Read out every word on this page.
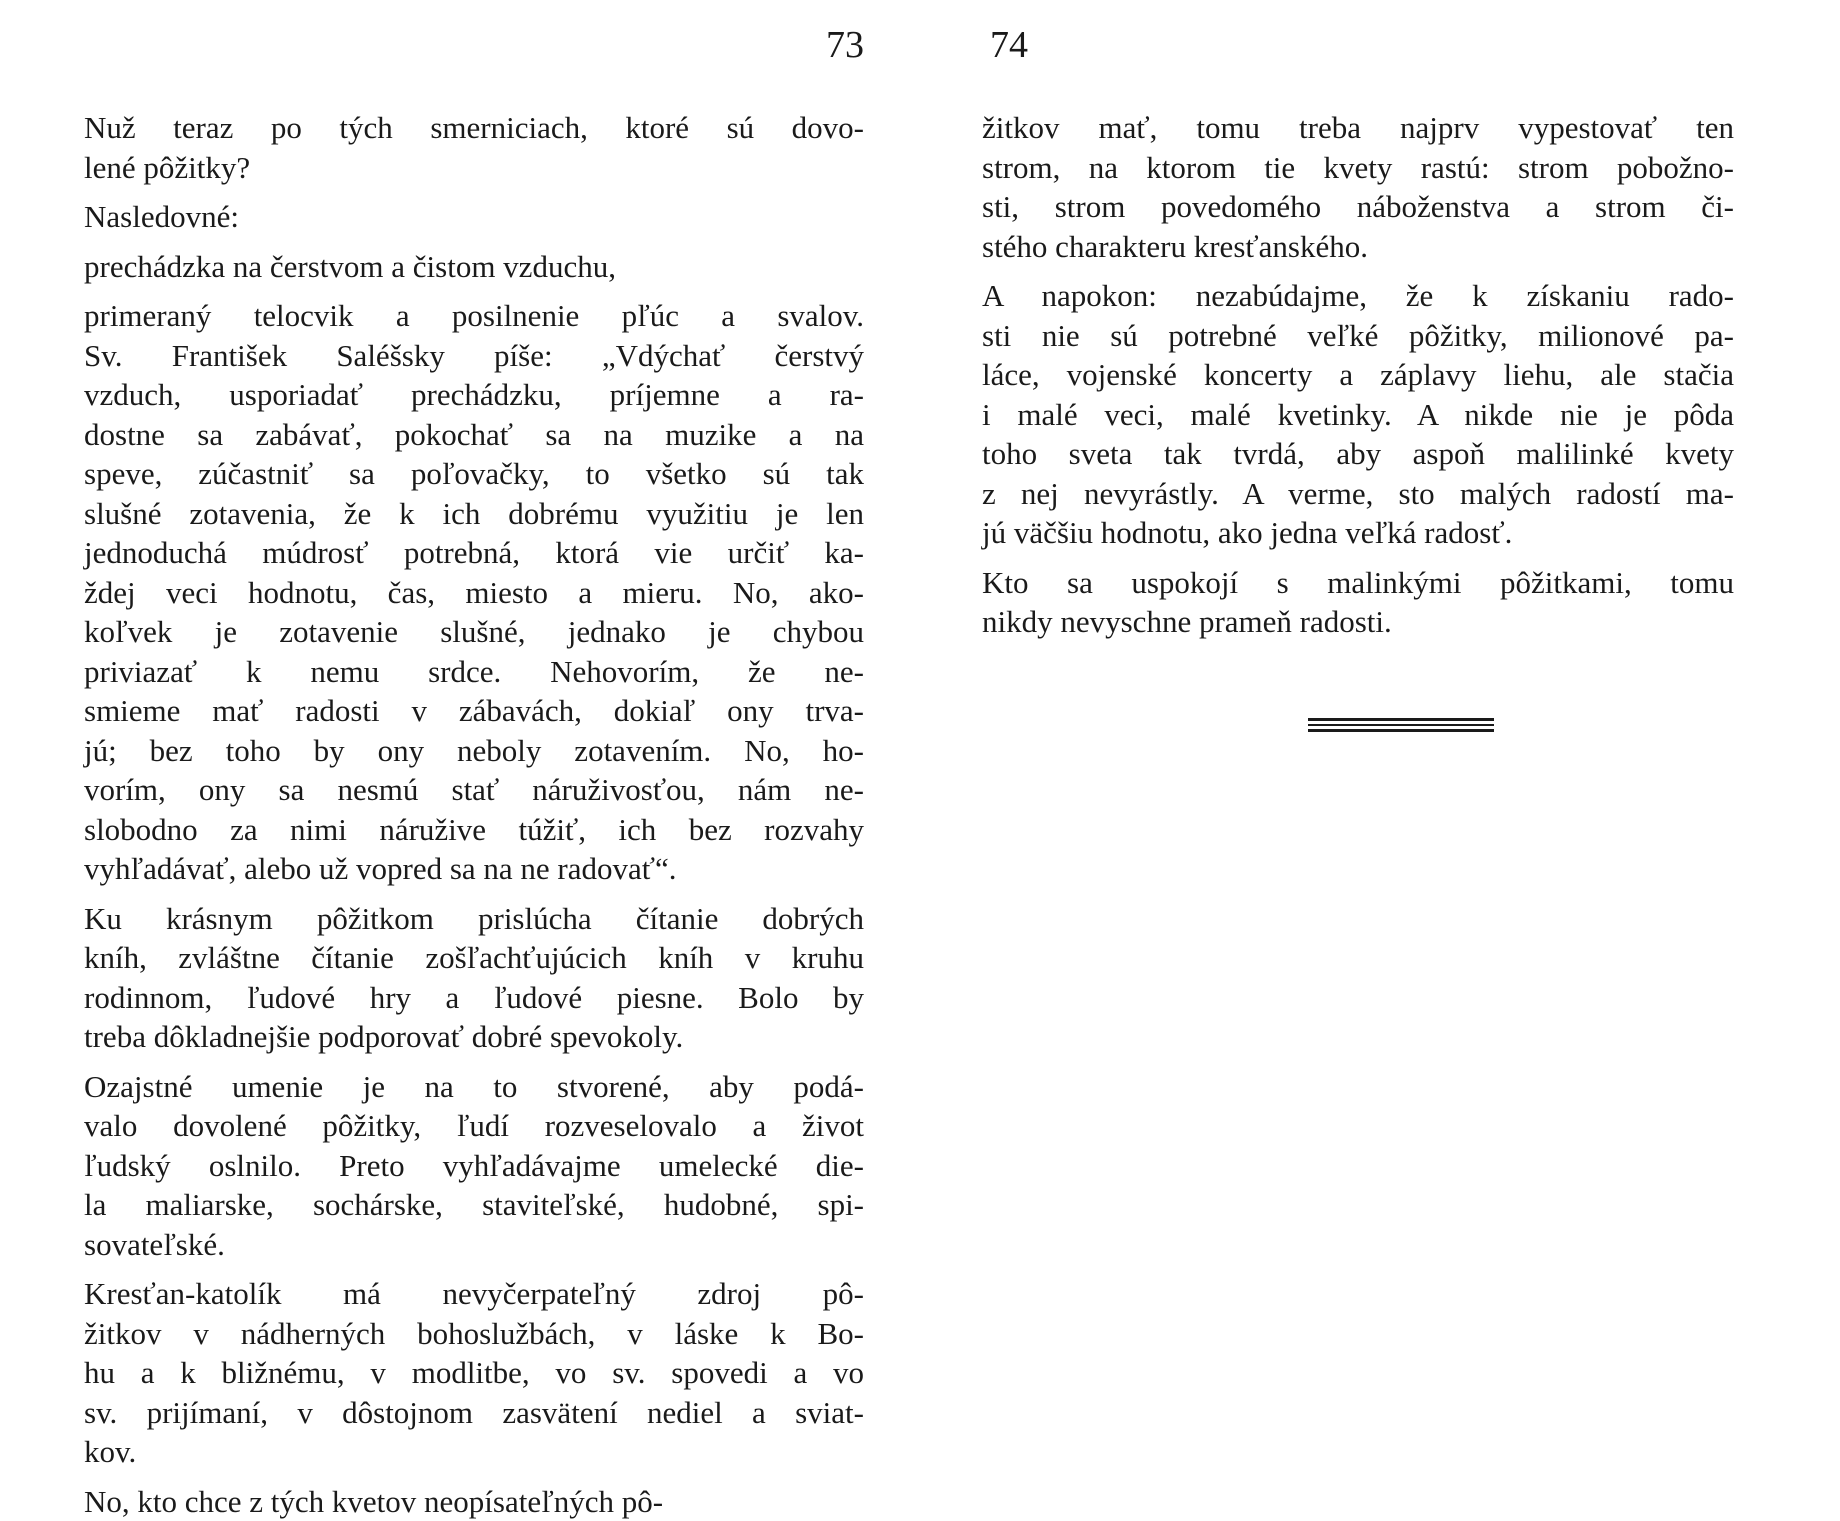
73
Nuž teraz po tých smerniciach, ktoré sú dovo-
lené pôžitky?
Nasledovné:
prechádzka na čerstvom a čistom vzduchu,
primeraný telocvik a posilnenie pľúc a svalov.
Sv. František Saléšsky píše: „Vdýchať čerstvý
vzduch, usporiadať prechádzku, príjemne a ra-
dostne sa zabávať, pokochať sa na muzike a na
speve, zúčastniť sa poľovačky, to všetko sú tak
slušné zotavenia, že k ich dobrému využitiu je len
jednoduchá múdrosť potrebná, ktorá vie určiť ka-
ždej veci hodnotu, čas, miesto a mieru. No, ako-
koľvek je zotavenie slušné, jednako je chybou
priviazať k nemu srdce. Nehovorím, že ne-
smieme mať radosti v zábavách, dokiaľ ony trva-
jú; bez toho by ony neboly zotavením. No, ho-
vorím, ony sa nesmú stať náruživosťou, nám ne-
slobodno za nimi náružive túžiť, ich bez rozvahy
vyhľadávať, alebo už vopred sa na ne radovať“.
Ku krásnym pôžitkom prislúcha čítanie dobrých
kníh, zvláštne čítanie zošľachťujúcich kníh v kruhu
rodinnom, ľudové hry a ľudové piesne. Bolo by
treba dôkladnejšie podporovať dobré spevokoly.
Ozajstné umenie je na to stvorené, aby podá-
valo dovolené pôžitky, ľudí rozveselovalo a život
ľudský oslnilo. Preto vyhľadávajme umelecké die-
la maliarske, sochárske, staviteľské, hudobné, spi-
sovateľské.
Kresťan-katolík má nevyčerpateľný zdroj pô-
žitkov v nádherných bohoslužbách, v láske k Bo-
hu a k bližnému, v modlitbe, vo sv. spovedi a vo
sv. prijímaní, v dôstojnom zasvätení nediel a sviat-
kov.
No, kto chce z tých kvetov neopísateľných pô-
74
žitkov mať, tomu treba najprv vypestovať ten
strom, na ktorom tie kvety rastú: strom pobožno-
sti, strom povedomého náboženstva a strom či-
stého charakteru kresťanského.
A napokon: nezabúdajme, že k získaniu rado-
sti nie sú potrebné veľké pôžitky, milionové pa-
láce, vojenské koncerty a záplavy liehu, ale stačia
i malé veci, malé kvetinky. A nikde nie je pôda
toho sveta tak tvrdá, aby aspoň malilinké kvety
z nej nevyrástly. A verme, sto malých radostí ma-
jú väčšiu hodnotu, ako jedna veľká radosť.
Kto sa uspokojí s malinkými pôžitkami, tomu
nikdy nevyschne prameň radosti.
